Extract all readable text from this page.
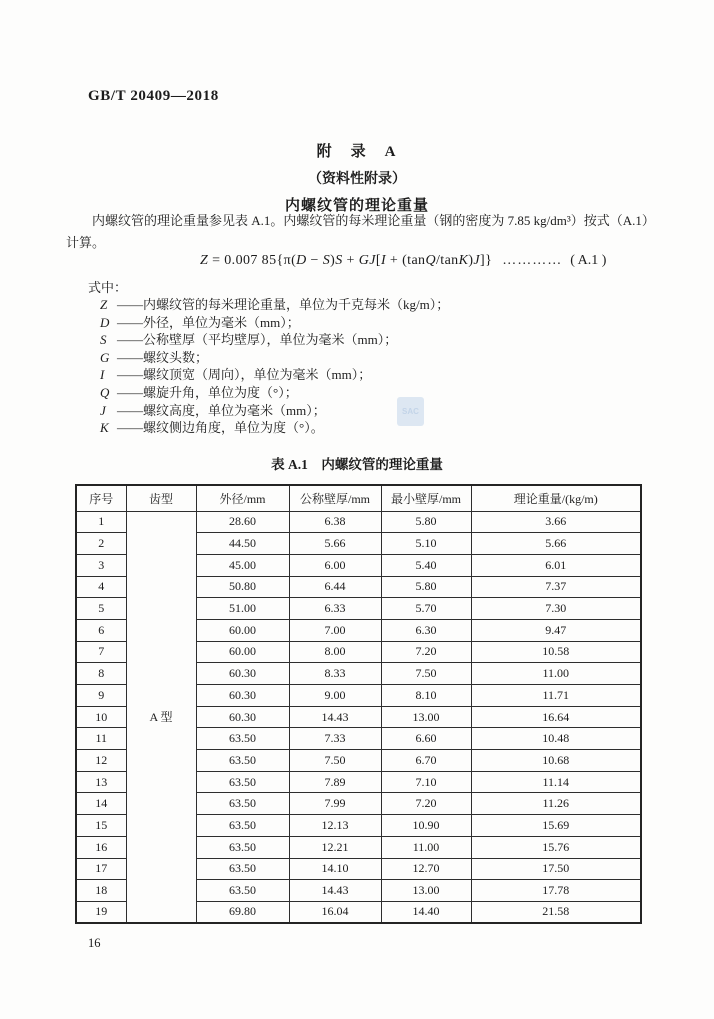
GB/T 20409—2018
附　录　A
（资料性附录）
内螺纹管的理论重量
内螺纹管的理论重量参见表 A.1。内螺纹管的每米理论重量（钢的密度为 7.85 kg/dm³）按式（A.1）
计算。
Z = 0.007 85{π(D − S)S + GJ[I + (tanQ/tanK)J]} ………… ( A.1 )
式中：
Z —— 内螺纹管的每米理论重量，单位为千克每米（kg/m）；
D —— 外径，单位为毫米（mm）；
S —— 公称壁厚（平均壁厚），单位为毫米（mm）；
G —— 螺纹头数；
I —— 螺纹顶宽（周向），单位为毫米（mm）；
Q —— 螺旋升角，单位为度（°）；
J —— 螺纹高度，单位为毫米（mm）；
K —— 螺纹侧边角度，单位为度（°）。
表 A.1　内螺纹管的理论重量
序号	齿型	外径/mm	公称壁厚/mm	最小壁厚/mm	理论重量/(kg/m)
1	A 型	28.60	6.38	5.80	3.66
2		44.50	5.66	5.10	5.66
3		45.00	6.00	5.40	6.01
4		50.80	6.44	5.80	7.37
5		51.00	6.33	5.70	7.30
6		60.00	7.00	6.30	9.47
7		60.00	8.00	7.20	10.58
8		60.30	8.33	7.50	11.00
9		60.30	9.00	8.10	11.71
10		60.30	14.43	13.00	16.64
11		63.50	7.33	6.60	10.48
12		63.50	7.50	6.70	10.68
13		63.50	7.89	7.10	11.14
14		63.50	7.99	7.20	11.26
15		63.50	12.13	10.90	15.69
16		63.50	12.21	11.00	15.76
17		63.50	14.10	12.70	17.50
18		63.50	14.43	13.00	17.78
19		69.80	16.04	14.40	21.58
SAC
16
